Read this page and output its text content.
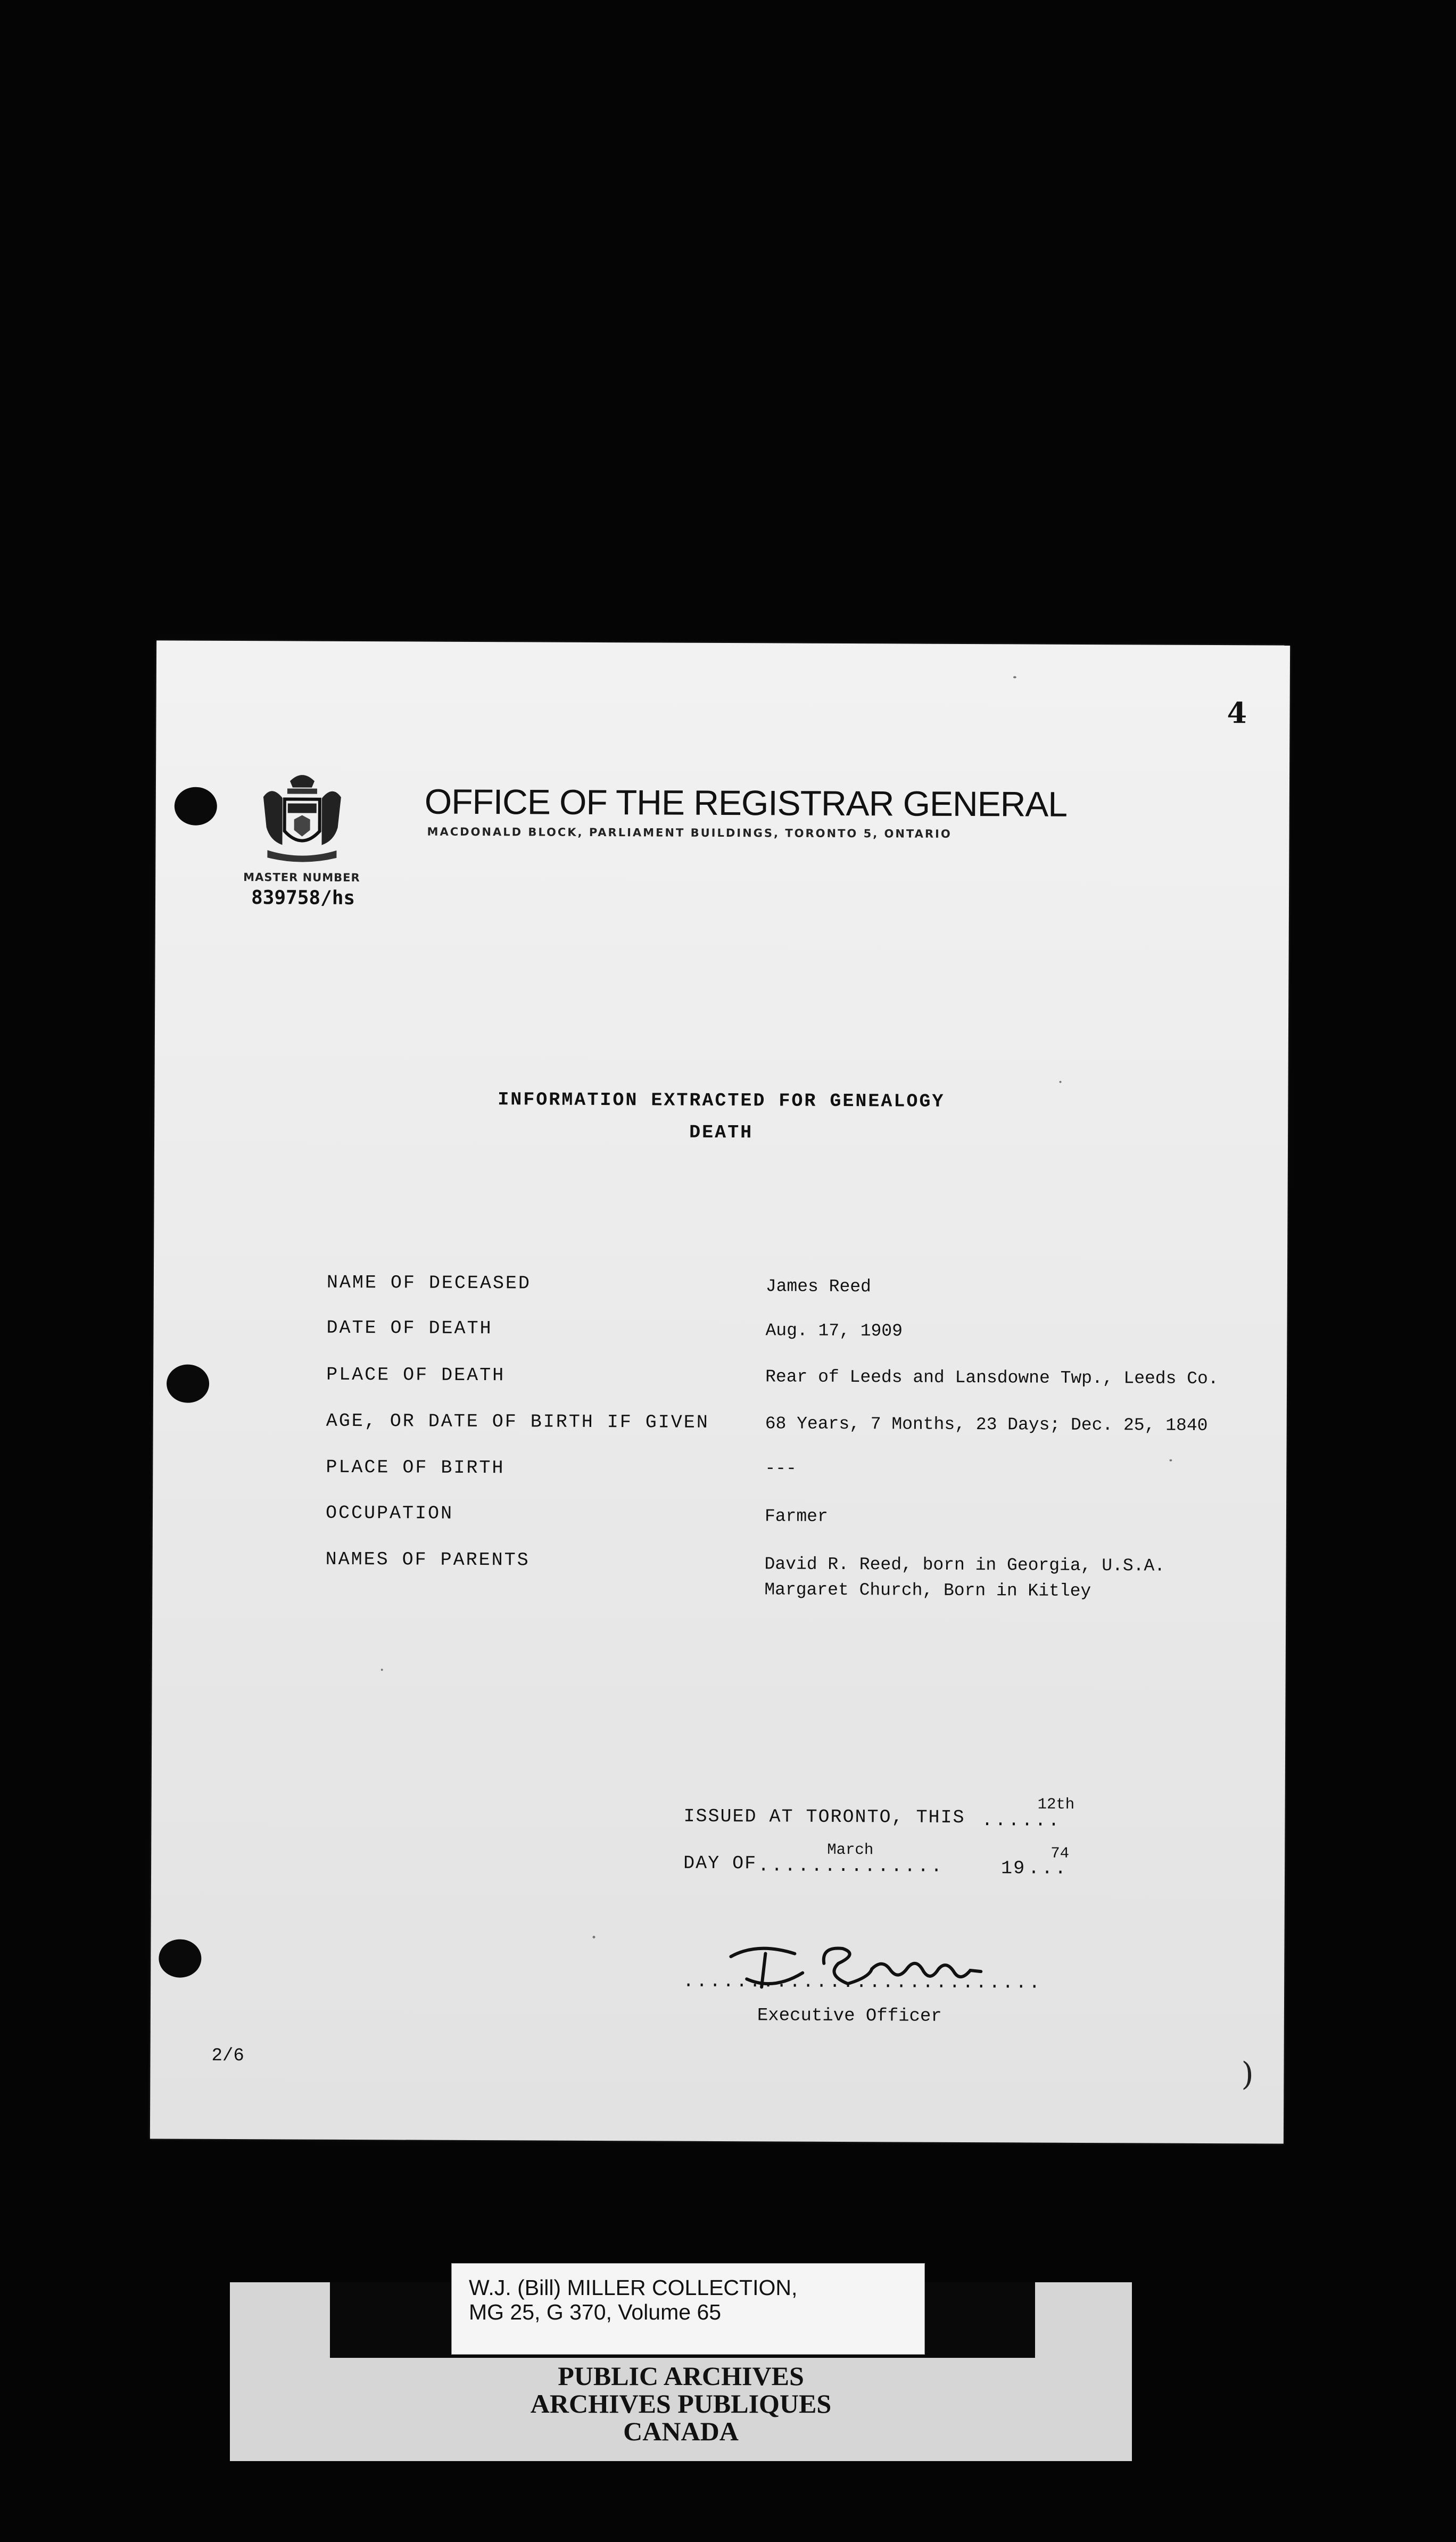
4
OFFICE OF THE REGISTRAR GENERAL
MACDONALD BLOCK, PARLIAMENT BUILDINGS, TORONTO 5, ONTARIO
MASTER NUMBER
839758/hs
INFORMATION EXTRACTED FOR GENEALOGY
DEATH
NAME OF DECEASED	James Reed
DATE OF DEATH	Aug. 17, 1909
PLACE OF DEATH	Rear of Leeds and Lansdowne Twp., Leeds Co.
AGE, OR DATE OF BIRTH IF GIVEN	68 Years, 7 Months, 23 Days; Dec. 25, 1840
PLACE OF BIRTH	---
OCCUPATION	Farmer
NAMES OF PARENTS	David R. Reed, born in Georgia, U.S.A.
Margaret Church, Born in Kitley
ISSUED AT TORONTO, THIS ......
12th
DAY OF ..............
March
19 ...
74
...........................
Executive Officer
2/6	)
W.J. (Bill) MILLER COLLECTION,
MG 25, G 370, Volume 65
PUBLIC ARCHIVES
ARCHIVES PUBLIQUES
CANADA
